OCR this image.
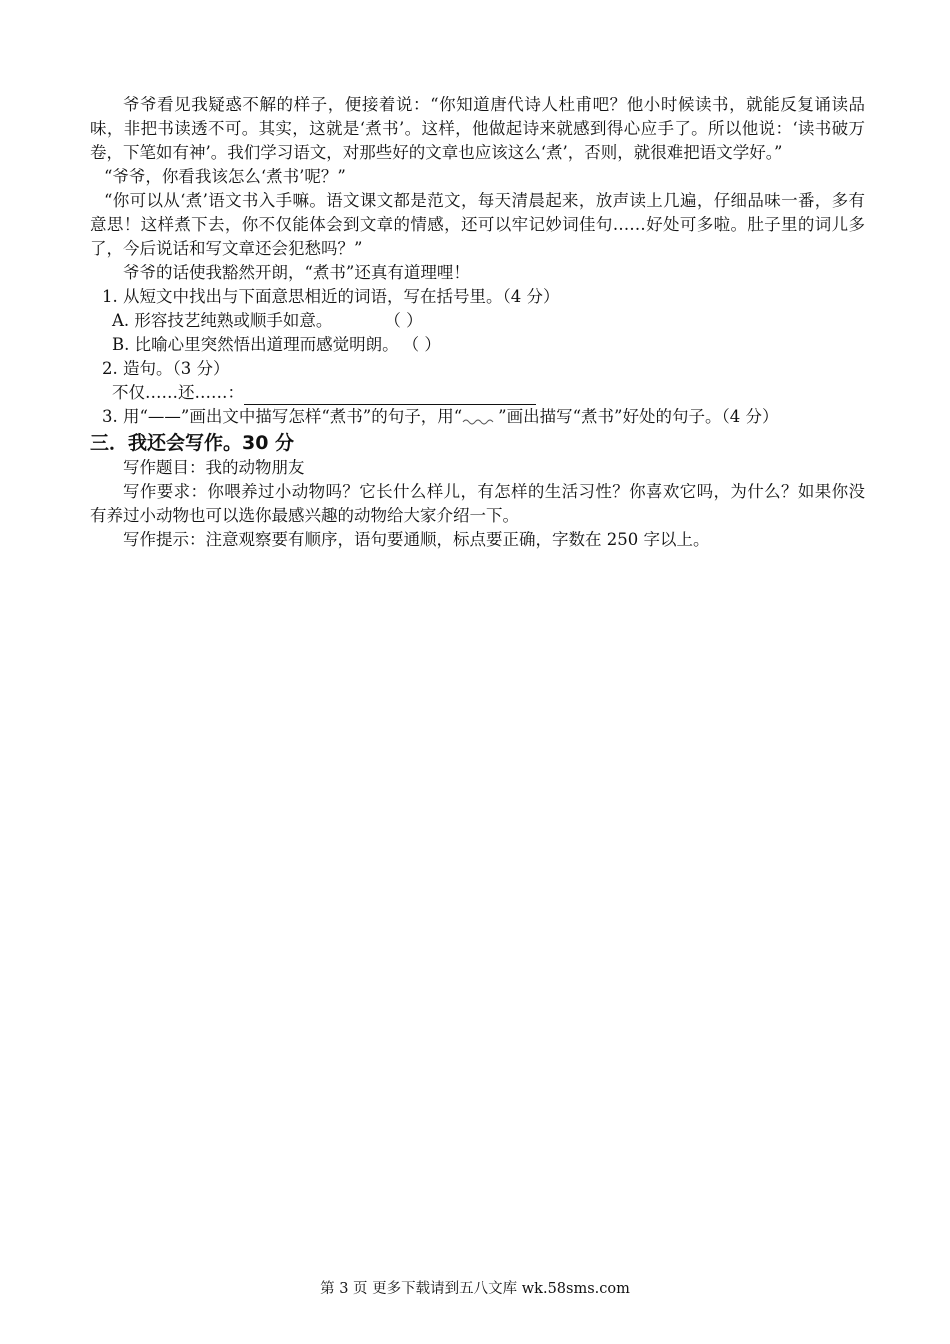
爷爷看见我疑惑不解的样子，便接着说：“你知道唐代诗人杜甫吧？他小时候读书，就能反复诵读品味，非把书读透不可。其实，这就是‘煮书’。这样，他做起诗来就感到得心应手了。所以他说：‘读书破万卷，下笔如有神’。我们学习语文，对那些好的文章也应该这么‘煮’，否则，就很难把语文学好。”

“爷爷，你看我该怎么‘煮书’呢？”

“你可以从‘煮’语文书入手嘛。语文课文都是范文，每天清晨起来，放声读上几遍，仔细品味一番，多有意思！这样煮下去，你不仅能体会到文章的情感，还可以牢记妙词佳句……好处可多啦。肚子里的词儿多了，今后说话和写文章还会犯愁吗？”

爷爷的话使我豁然开朗，“煮书”还真有道理哩！

1. 从短文中找出与下面意思相近的词语，写在括号里。（4 分）

A. 形容技艺纯熟或顺手如意。	（ ）

B. 比喻心里突然悟出道理而感觉明朗。 （ ）

2. 造句。（3 分）

不仅……还……：

3. 用“——”画出文中描写怎样“煮书”的句子，用“ ”画出描写“煮书”好处的句子。（4 分）

三．我还会写作。30 分

写作题目：我的动物朋友

写作要求：你喂养过小动物吗？它长什么样儿，有怎样的生活习性？你喜欢它吗，为什么？如果你没有养过小动物也可以选你最感兴趣的动物给大家介绍一下。

写作提示：注意观察要有顺序，语句要通顺，标点要正确，字数在 250 字以上。

第 3 页 更多下载请到五八文库 wk.58sms.com
